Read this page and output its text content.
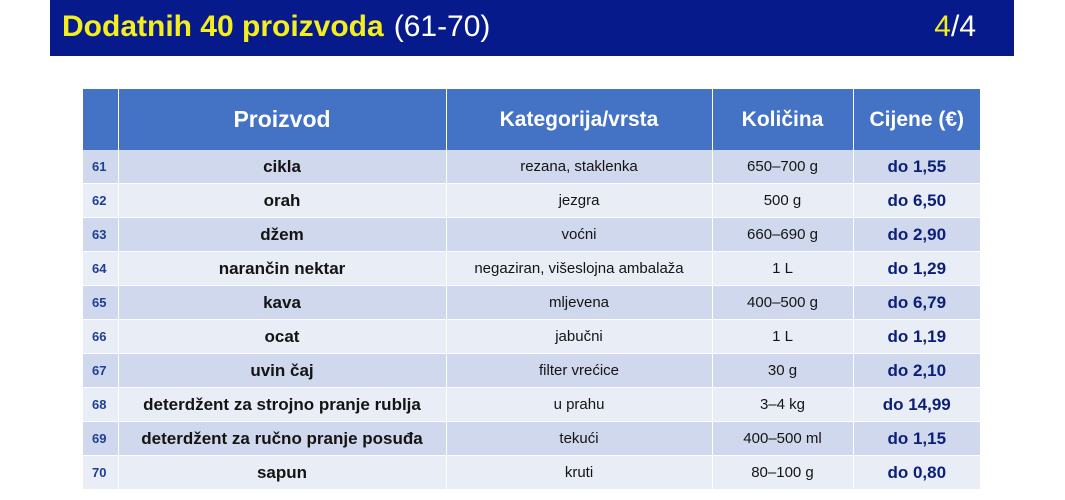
Dodatnih 40 proizvoda (61-70)	4/4
	Proizvod	Kategorija/vrsta	Količina	Cijene (€)
61	cikla	rezana, staklenka	650–700 g	do 1,55
62	orah	jezgra	500 g	do 6,50
63	džem	voćni	660–690 g	do 2,90
64	narančin nektar	negaziran, višeslojna ambalaža	1 L	do 1,29
65	kava	mljevena	400–500 g	do 6,79
66	ocat	jabučni	1 L	do 1,19
67	uvin čaj	filter vrećice	30 g	do 2,10
68	deterdžent za strojno pranje rublja	u prahu	3–4 kg	do 14,99
69	deterdžent za ručno pranje posuđa	tekući	400–500 ml	do 1,15
70	sapun	kruti	80–100 g	do 0,80
